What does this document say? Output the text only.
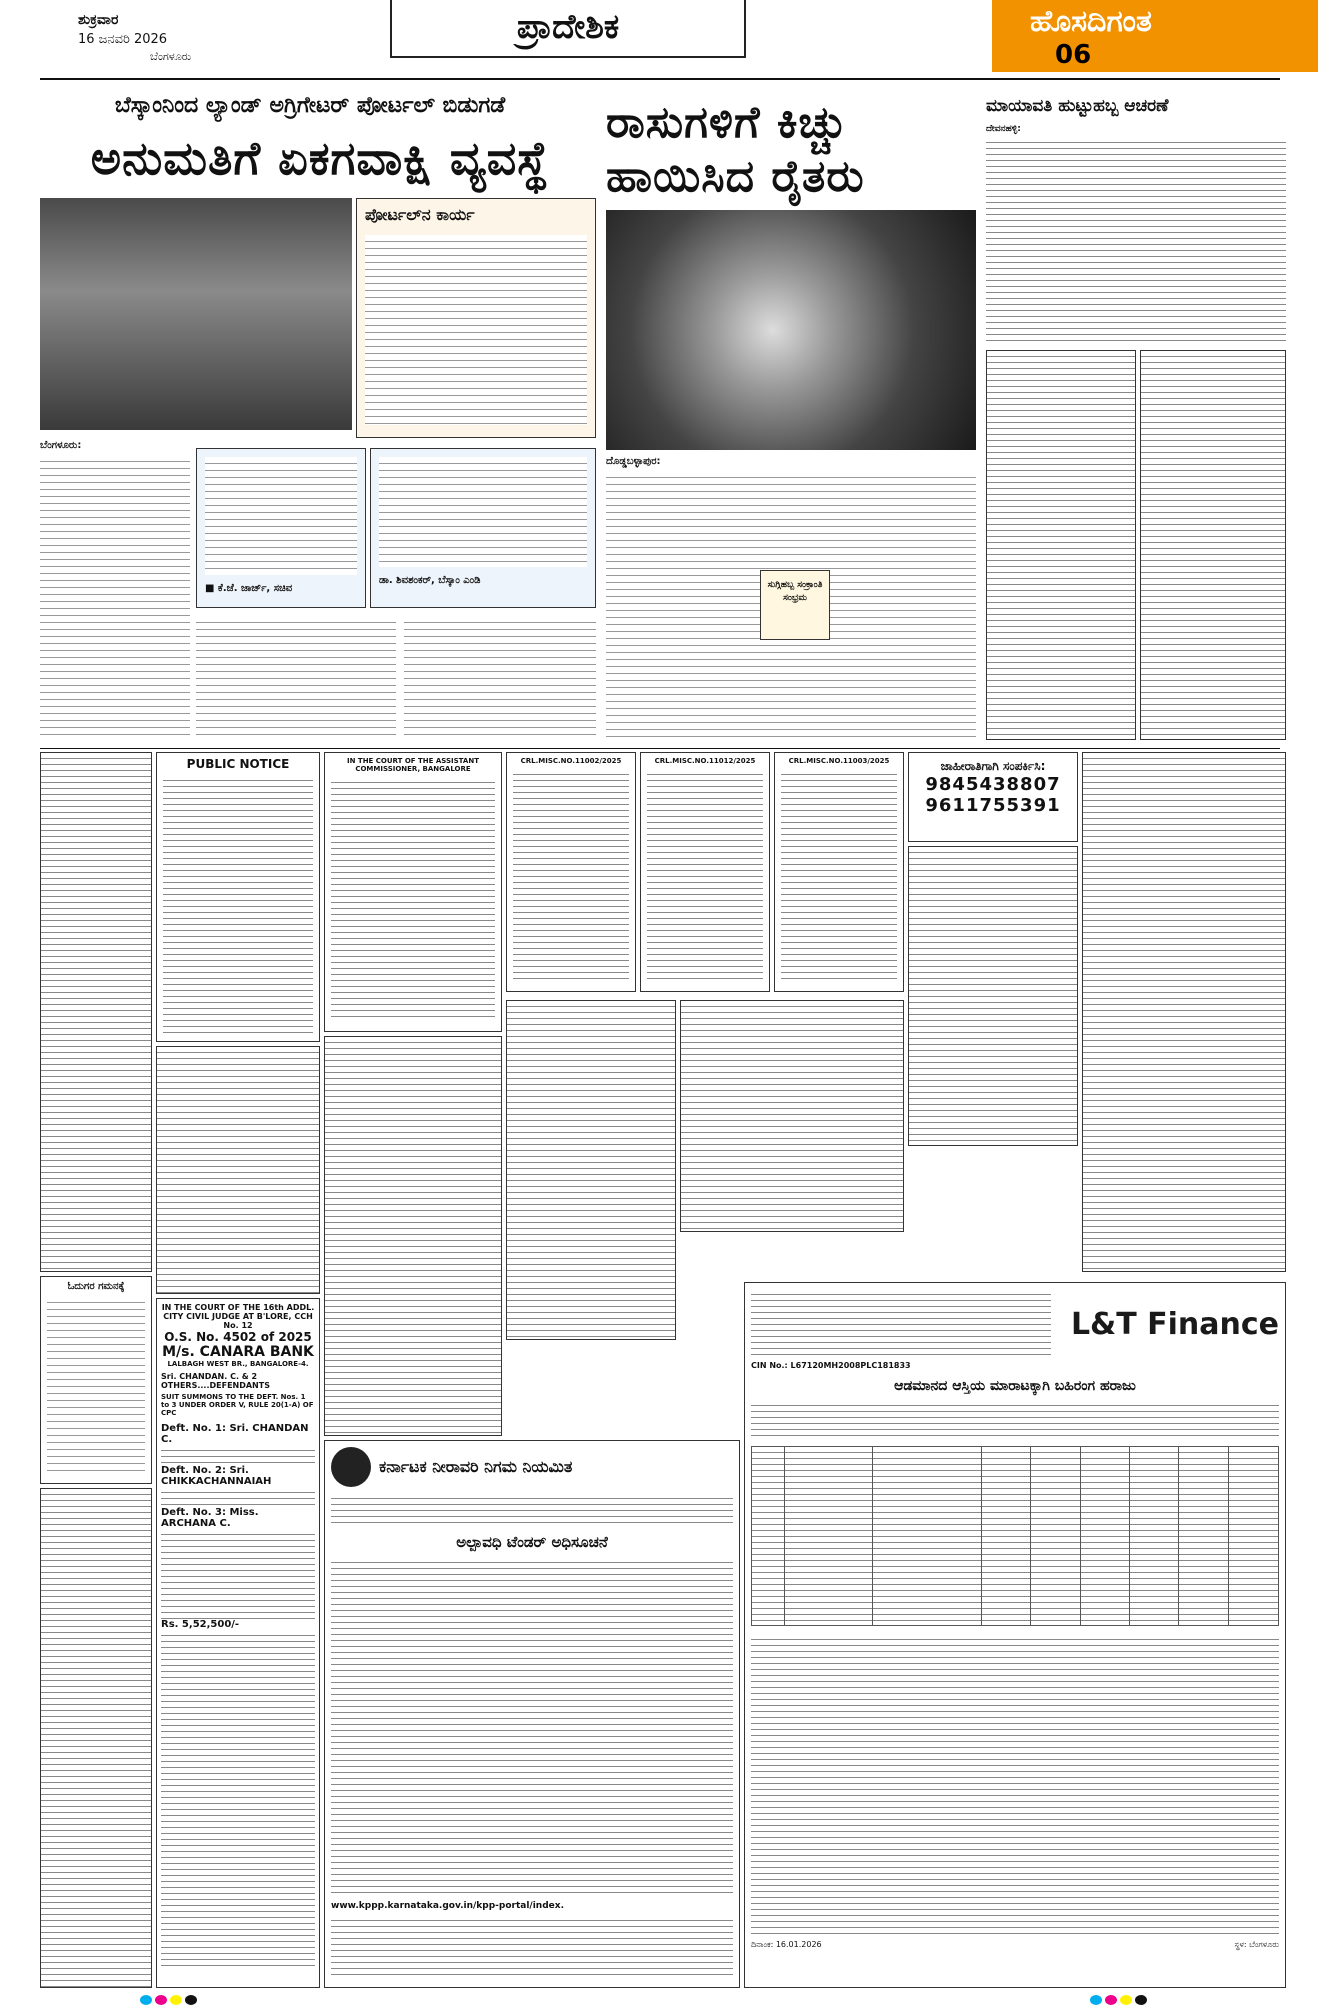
ಶುಕ್ರವಾರ
16 ಜನವರಿ 2026
ಬೆಂಗಳೂರು
ಪ್ರಾದೇಶಿಕ	ಹೊಸದಿಗಂತ
06
ಬೆಸ್ಕಾಂನಿಂದ ಲ್ಯಾಂಡ್ ಅಗ್ರಿಗೇಟರ್ ಪೋರ್ಟಲ್ ಬಿಡುಗಡೆ
ಅನುಮತಿಗೆ ಏಕಗವಾಕ್ಷಿ ವ್ಯವಸ್ಥೆ
ಪೋರ್ಟಲ್‌ನ ಕಾರ್ಯ
ಬೆಂಗಳೂರು:
■ ಕೆ.ಜೆ. ಜಾರ್ಜ್, ಸಚಿವ
ಡಾ. ಶಿವಶಂಕರ್, ಬೆಸ್ಕಾಂ ಎಂಡಿ
ರಾಸುಗಳಿಗೆ ಕಿಚ್ಚು ಹಾಯಿಸಿದ ರೈತರು
ದೊಡ್ಡಬಳ್ಳಾಪುರ:
ಸುಗ್ಗಿಹಬ್ಬ ಸಂಕ್ರಾಂತಿ ಸಂಭ್ರಮ
ಮಾಯಾವತಿ ಹುಟ್ಟುಹಬ್ಬ ಆಚರಣೆ
ದೇವನಹಳ್ಳಿ:
PUBLIC NOTICE	IN THE COURT OF THE ASSISTANT COMMISSIONER, BANGALORE
CRL.MISC.NO.11002/2025	CRL.MISC.NO.11012/2025	CRL.MISC.NO.11003/2025	ಜಾಹೀರಾತಿಗಾಗಿ ಸಂಪರ್ಕಿಸಿ:
9845438807
9611755391
ಓದುಗರ ಗಮನಕ್ಕೆ
IN THE COURT OF THE 16th ADDL. CITY CIVIL JUDGE AT B'LORE, CCH No. 12
O.S. No. 4502 of 2025
M/s. CANARA BANK
LALBAGH WEST BR., BANGALORE-4.
Sri. CHANDAN. C. & 2 OTHERS....DEFENDANTS
SUIT SUMMONS TO THE DEFT. Nos. 1 to 3 UNDER ORDER V, RULE 20(1-A) OF CPC
Deft. No. 1: Sri. CHANDAN C.
Deft. No. 2: Sri. CHIKKACHANNAIAH
Deft. No. 3: Miss. ARCHANA C.
Rs. 5,52,500/-
ಕರ್ನಾಟಕ ನೀರಾವರಿ ನಿಗಮ ನಿಯಮಿತ
ಅಲ್ಪಾವಧಿ ಟೆಂಡರ್ ಅಧಿಸೂಚನೆ
www.kppp.karnataka.gov.in/kpp-portal/index.
L&T Finance
CIN No.: L67120MH2008PLC181833
ಆಡಮಾನದ ಆಸ್ತಿಯ ಮಾರಾಟಕ್ಕಾಗಿ ಬಹಿರಂಗ ಹರಾಜು
ದಿನಾಂಕ: 16.01.2026	ಸ್ಥಳ: ಬೆಂಗಳೂರು
